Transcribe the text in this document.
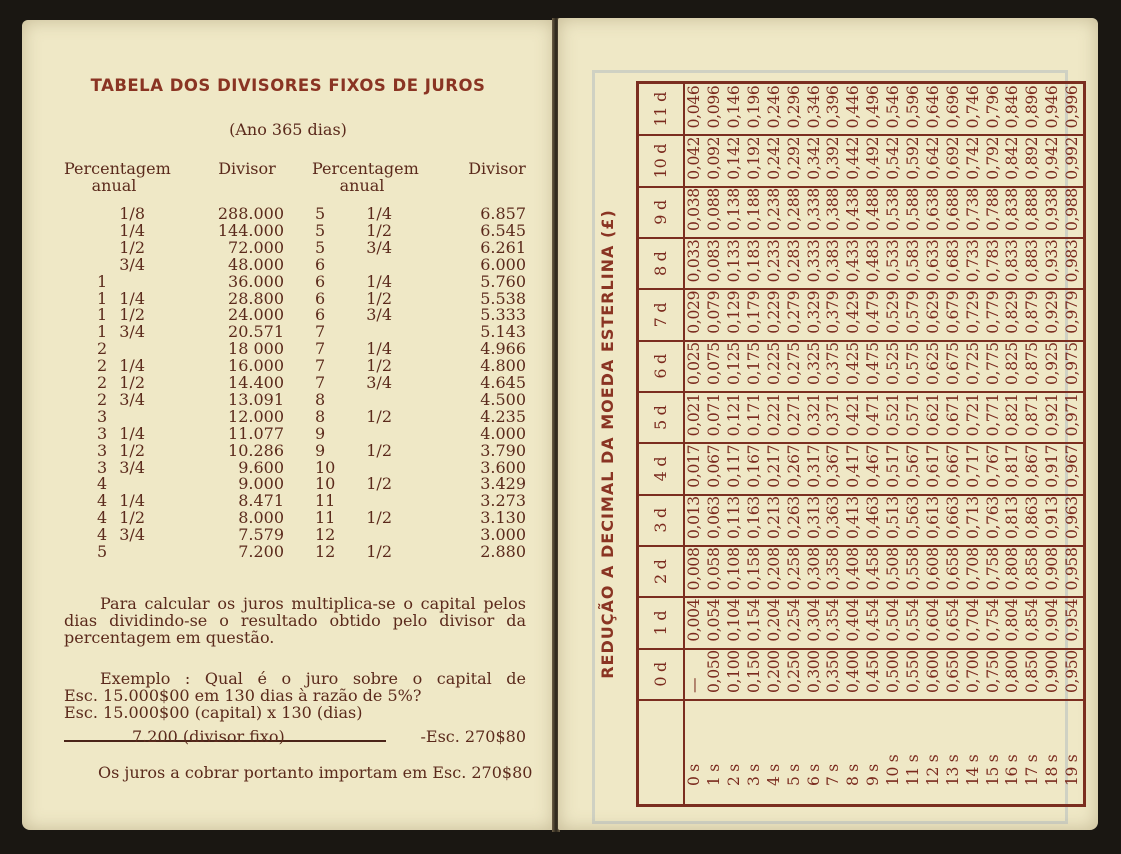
TABELA DOS DIVISORES FIXOS DE JUROS
(Ano 365 dias)
Percentagem
anual
Divisor	Percentagem
anual
Divisor
1/8	288.000 5	1/4	6.857
1/4	144.000 5	1/2	6.545
1/2	72.000 5	3/4	6.261
3/4	48.000 6	6.000
1	36.000 6	1/4	5.760
1 1/4	28.800 6	1/2	5.538
1 1/2	24.000 6	3/4	5.333
1 3/4	20.571 7	5.143
2	18 000 7	1/4	4.966
2 1/4	16.000 7	1/2	4.800
2 1/2	14.400 7	3/4	4.645
2 3/4	13.091 8	4.500
3	12.000 8	1/2	4.235
3 1/4	11.077 9	4.000
3 1/2	10.286 9	1/2	3.790
3 3/4	9.600 10	3.600
4	9.000 10 1/2	3.429
4 1/4	8.471 11	3.273
4 1/2	8.000 11 1/2	3.130
4 3/4	7.579 12	3.000
5	7.200 12 1/2	2.880
Para calcular os juros multiplica-se o capital pelos dias dividindo-se o resultado obtido pelo divisor da percentagem em questão.
Exemplo : Qual é o juro sobre o capital de
Esc. 15.000$00 em 130 dias à razão de 5%?
Esc. 15.000$00 (capital) x 130 (dias)
7.200 (divisor fixo)	-Esc. 270$80
Os juros a cobrar portanto importam em Esc. 270$80
REDUÇÃO A DECIMAL DA MOEDA ESTERLINA (£)
	0 d	1 d	2 d	3 d	4 d	5 d	6 d	7 d	8 d	9 d	10 d	11 d
0 s	—	0,004	0,008	0,013	0,017	0,021	0,025	0,029	0,033	0,038	0,042	0,046
1 s	0,050	0,054	0,058	0,063	0,067	0,071	0,075	0,079	0,083	0,088	0,092	0,096
2 s	0,100	0,104	0,108	0,113	0,117	0,121	0,125	0,129	0,133	0,138	0,142	0,146
3 s	0,150	0,154	0,158	0,163	0,167	0,171	0,175	0,179	0,183	0,188	0,192	0,196
4 s	0,200	0,204	0,208	0,213	0,217	0,221	0,225	0,229	0,233	0,238	0,242	0,246
5 s	0,250	0,254	0,258	0,263	0,267	0,271	0,275	0,279	0,283	0,288	0,292	0,296
6 s	0,300	0,304	0,308	0,313	0,317	0,321	0,325	0,329	0,333	0,338	0,342	0,346
7 s	0,350	0,354	0,358	0,363	0,367	0,371	0,375	0,379	0,383	0,388	0,392	0,396
8 s	0,400	0,404	0,408	0,413	0,417	0,421	0,425	0,429	0,433	0,438	0,442	0,446
9 s	0,450	0,454	0,458	0,463	0,467	0,471	0,475	0,479	0,483	0,488	0,492	0,496
10 s	0,500	0,504	0,508	0,513	0,517	0,521	0,525	0,529	0,533	0,538	0,542	0,546
11 s	0,550	0,554	0,558	0,563	0,567	0,571	0,575	0,579	0,583	0,588	0,592	0,596
12 s	0,600	0,604	0,608	0,613	0,617	0,621	0,625	0,629	0,633	0,638	0,642	0,646
13 s	0,650	0,654	0,658	0,663	0,667	0,671	0,675	0,679	0,683	0,688	0,692	0,696
14 s	0,700	0,704	0,708	0,713	0,717	0,721	0,725	0,729	0,733	0,738	0,742	0,746
15 s	0,750	0,754	0,758	0,763	0,767	0,771	0,775	0,779	0,783	0,788	0,792	0,796
16 s	0,800	0,804	0,808	0,813	0,817	0,821	0,825	0,829	0,833	0,838	0,842	0,846
17 s	0,850	0,854	0,858	0,863	0,867	0,871	0,875	0,879	0,883	0,888	0,892	0,896
18 s	0,900	0,904	0,908	0,913	0,917	0,921	0,925	0,929	0,933	0,938	0,942	0,946
19 s	0,950	0,954	0,958	0,963	0,967	0,971	0,975	0,979	0,983	0,988	0,992	0,996
